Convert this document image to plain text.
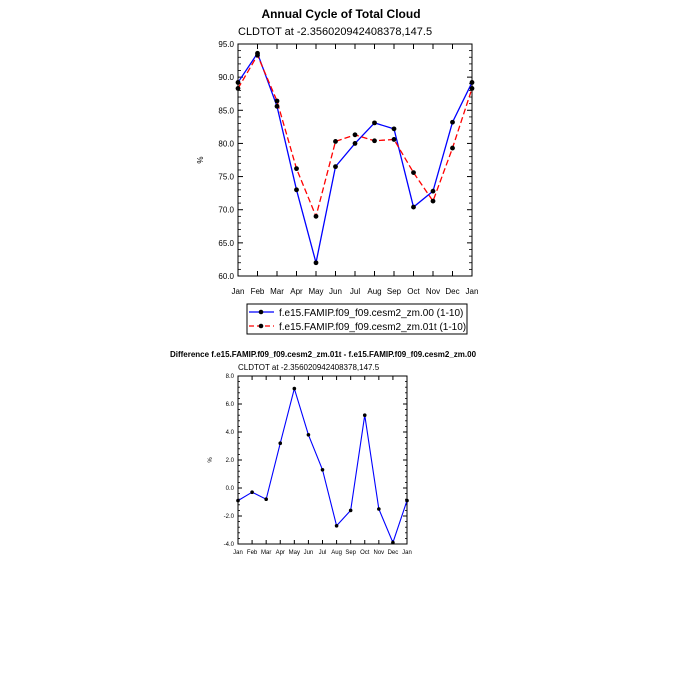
Annual Cycle of Total Cloud
CLDTOT at -2.356020942408378,147.5
%
Jan Feb Mar Apr May Jun Jul Aug Sep Oct Nov Dec Jan
60.0
65.0
70.0
75.0
80.0
85.0
90.0
95.0
f.e15.FAMIP.f09_f09.cesm2_zm.00 (1-10)
f.e15.FAMIP.f09_f09.cesm2_zm.01t (1-10)
Difference f.e15.FAMIP.f09_f09.cesm2_zm.01t - f.e15.FAMIP.f09_f09.cesm2_zm.00
CLDTOT at -2.356020942408378,147.5
%
Jan Feb Mar Apr May Jun Jul Aug Sep Oct Nov Dec Jan
-4.0
-2.0
0.0
2.0
4.0
6.0
8.0
